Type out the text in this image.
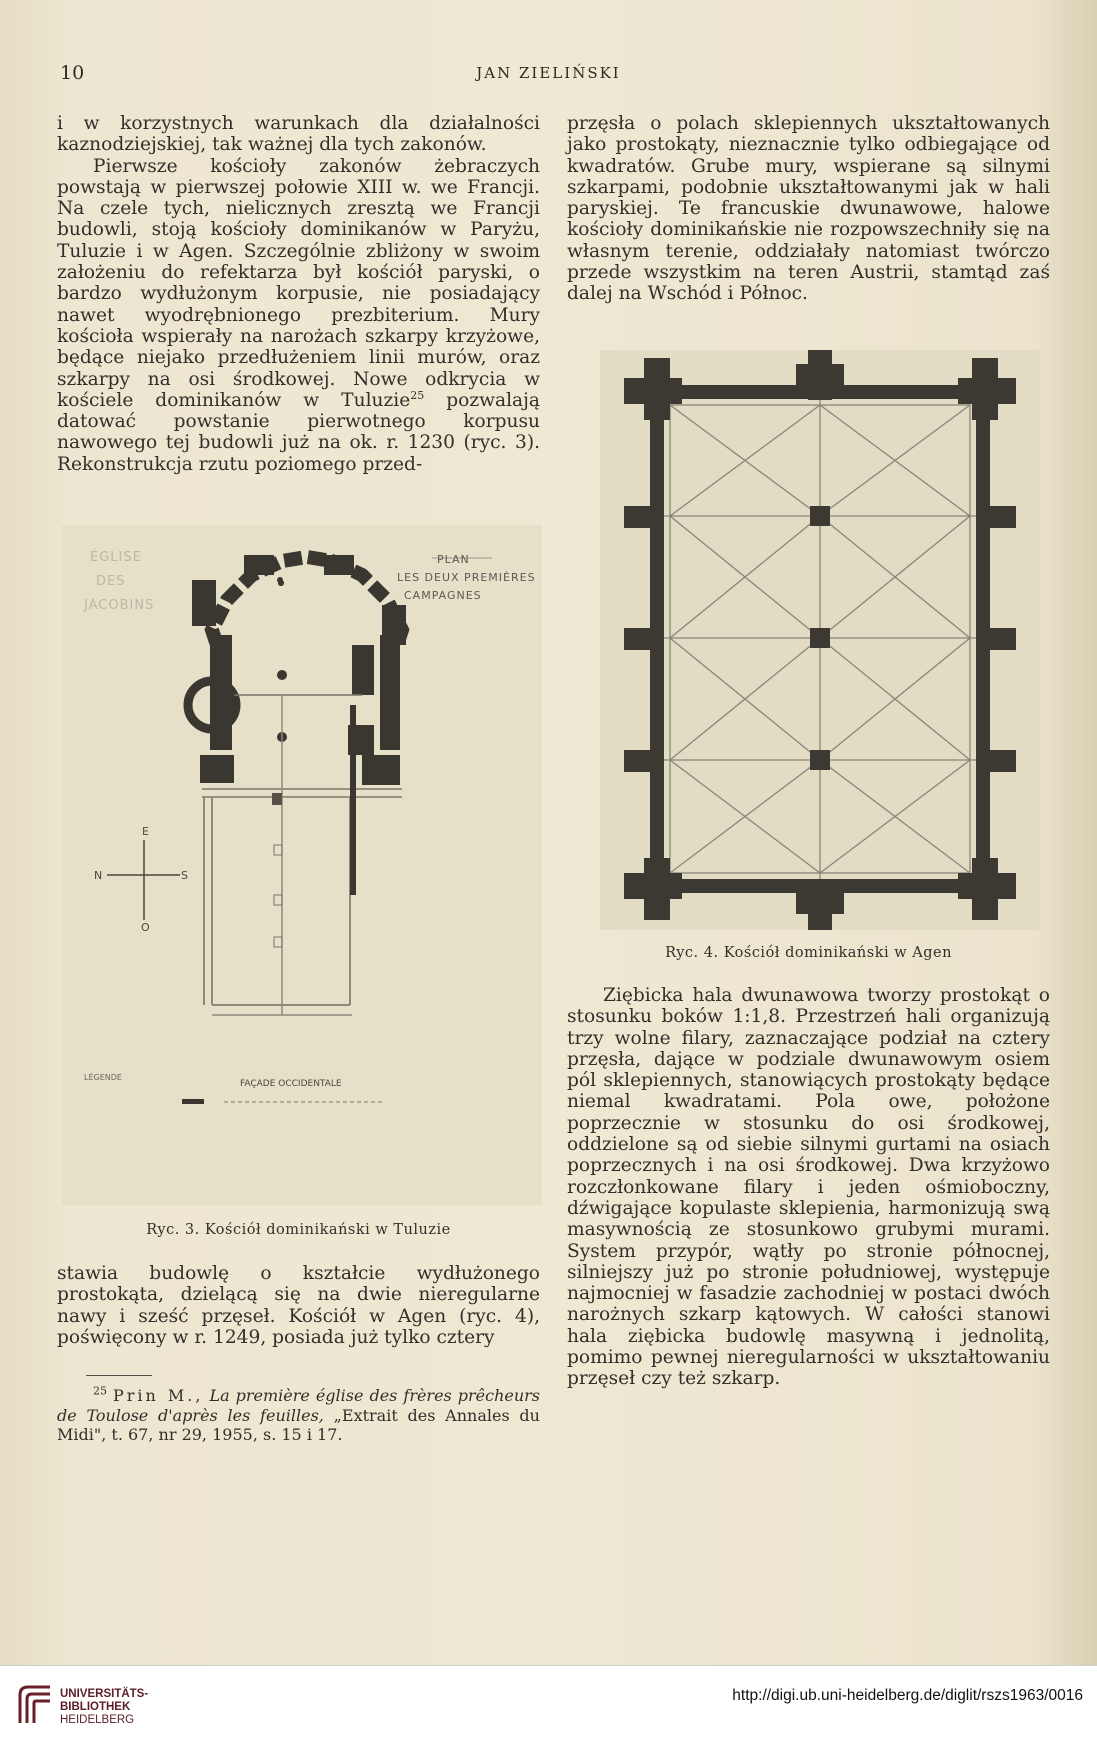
10	JAN ZIELIŃSKI

i w korzystnych warunkach dla działalności kaznodziejskiej, tak ważnej dla tych zakonów.

Pierwsze kościoły zakonów żebraczych powstają w pierwszej połowie XIII w. we Francji. Na czele tych, nielicznych zresztą we Francji budowli, stoją kościoły dominikanów w Paryżu, Tuluzie i w Agen. Szczególnie zbliżony w swoim założeniu do refektarza był kościół paryski, o bardzo wydłużonym korpusie, nie posiadający nawet wyodrębnionego prezbiterium. Mury kościoła wspierały na narożach szkarpy krzyżowe, będące niejako przedłużeniem linii murów, oraz szkarpy na osi środkowej. Nowe odkrycia w kościele dominikanów w Tuluzie$^{25}$ pozwalają datować powstanie pierwotnego korpusu nawowego tej budowli już na ok. r. 1230 (ryc. 3). Rekonstrukcja rzutu poziomego przed-

przęsła o polach sklepiennych ukształtowanych jako prostokąty, nieznacznie tylko odbiegające od kwadratów. Grube mury, wspierane są silnymi szkarpami, podobnie ukształtowanymi jak w hali paryskiej. Te francuskie dwunawowe, halowe kościoły dominikańskie nie rozpowszechniły się na własnym terenie, oddziałały natomiast twórczo przede wszystkim na teren Austrii, stamtąd zaś dalej na Wschód i Północ.

ÉGLISE
DES
JACOBINS
PLAN
LES DEUX PREMIÈRES
CAMPAGNES
E
N	S
O
LÉGENDE
FAÇADE OCCIDENTALE
Ryc. 3. Kościół dominikański w Tuluzie
Ryc. 4. Kościół dominikański w Agen

Ziębicka hala dwunawowa tworzy prostokąt o stosunku boków 1:1,8. Przestrzeń hali organizują trzy wolne filary, zaznaczające podział na cztery przęsła, dające w podziale dwunawowym osiem pól sklepiennych, stanowiących prostokąty będące niemal kwadratami. Pola owe, położone poprzecznie w stosunku do osi środkowej, oddzielone są od siebie silnymi gurtami na osiach poprzecznych i na osi środkowej. Dwa krzyżowo rozczłonkowane filary i jeden ośmioboczny, dźwigające kopulaste sklepienia, harmonizują swą masywnością ze stosunkowo grubymi murami. System przypór, wątły po stronie północnej, silniejszy już po stronie południowej, występuje najmocniej w fasadzie zachodniej w postaci dwóch narożnych szkarp kątowych. W całości stanowi hala ziębicka budowlę masywną i jednolitą, pomimo pewnej nieregularności w ukształtowaniu przęseł czy też szkarp.

stawia budowlę o kształcie wydłużonego prostokąta, dzielącą się na dwie nieregularne nawy i sześć przęseł. Kościół w Agen (ryc. 4), poświęcony w r. 1249, posiada już tylko cztery

$^{25}$ Prin M., La première église des frères prêcheurs de Toulose d'après les feuilles, „Extrait des Annales du Midi", t. 67, nr 29, 1955, s. 15 i 17.
UNIVERSITÄTS-
BIBLIOTHEK
HEIDELBERG
http://digi.ub.uni-heidelberg.de/diglit/rszs1963/0016
